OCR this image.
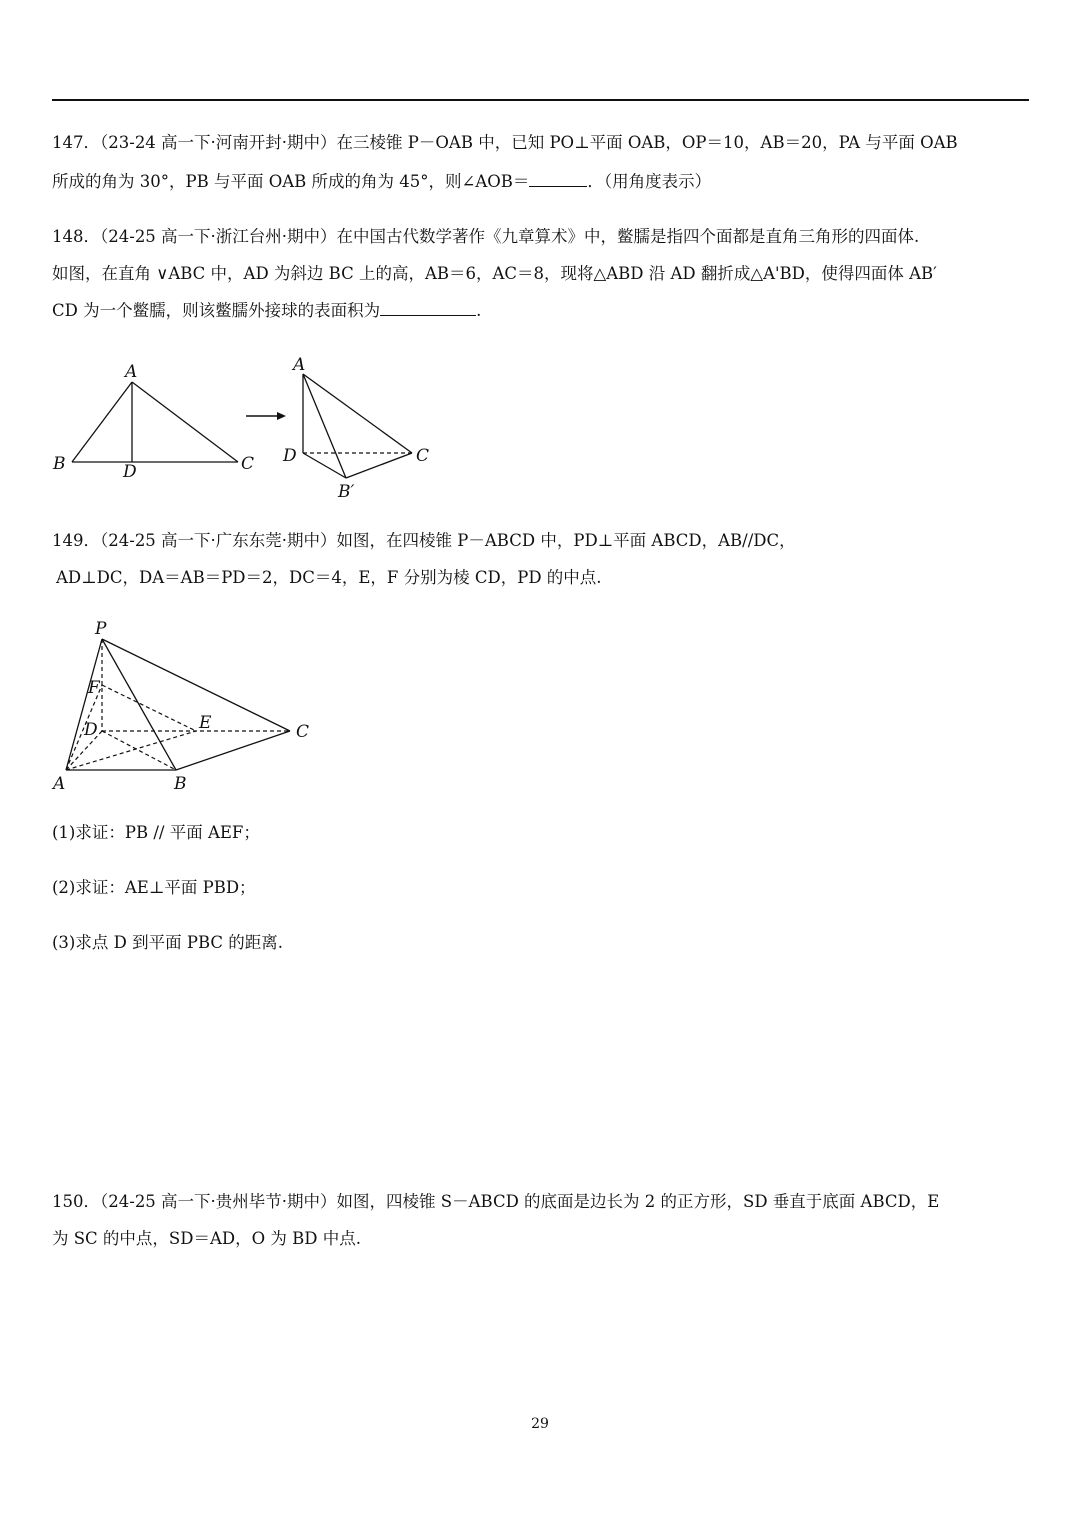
147．（23-24 高一下·河南开封·期中）在三棱锥 P－OAB 中，已知 PO⊥平面 OAB，OP＝10，AB＝20，PA 与平面 OAB
所成的角为 30°，PB 与平面 OAB 所成的角为 45°，则∠AOB＝	．（用角度表示）
148．（24-25 高一下·浙江台州·期中）在中国古代数学著作《九章算术》中，鳖臑是指四个面都是直角三角形的四面体.
如图，在直角 ∨ABC 中，AD 为斜边 BC 上的高，AB＝6，AC＝8，现将△ABD 沿 AD 翻折成△A'BD，使得四面体 AB′
CD 为一个鳖臑，则该鳖臑外接球的表面积为	.
A
B	C
D
A
D	C
B′
149．（24-25 高一下·广东东莞·期中）如图，在四棱锥 P－ABCD 中，PD⊥平面 ABCD，AB//DC，
AD⊥DC，DA＝AB＝PD＝2，DC＝4，E，F 分别为棱 CD，PD 的中点.
P
F
D	E	C
A	B
(1)求证：PB // 平面 AEF；
(2)求证：AE⊥平面 PBD；
(3)求点 D 到平面 PBC 的距离.
150．（24-25 高一下·贵州毕节·期中）如图，四棱锥 S－ABCD 的底面是边长为 2 的正方形，SD 垂直于底面 ABCD，E
为 SC 的中点，SD＝AD，O 为 BD 中点.
29
